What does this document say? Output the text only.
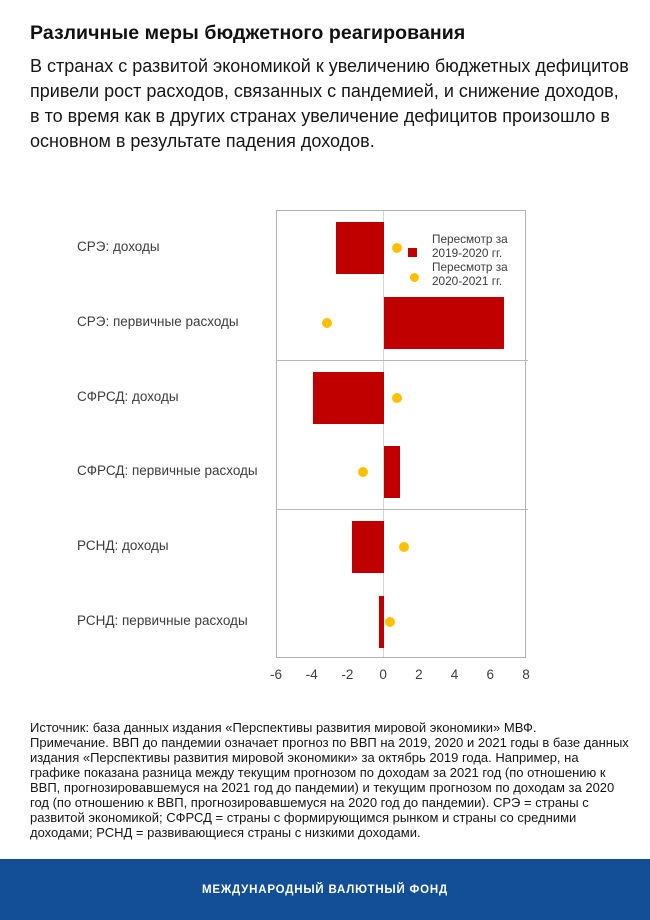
Различные меры бюджетного реагирования

В странах с развитой экономикой к увеличению бюджетных дефицитов привели рост расходов, связанных с пандемией, и снижение доходов, в то время как в других странах увеличение дефицитов произошло в основном в результате падения доходов.

СРЭ: доходы
СРЭ: первичные расходы
СФРСД: доходы
СФРСД: первичные расходы
РСНД: доходы
РСНД: первичные расходы
-6 -4 -2 0 2 4 6 8
Пересмотр за
2019-2020 гг.
Пересмотр за
2020-2021 гг.

Источник: база данных издания «Перспективы развития мировой экономики» МВФ.

Примечание. ВВП до пандемии означает прогноз по ВВП на 2019, 2020 и 2021 годы в базе данных издания «Перспективы развития мировой экономики» за октябрь 2019 года. Например, на графике показана разница между текущим прогнозом по доходам за 2021 год (по отношению к ВВП, прогнозировавшемуся на 2021 год до пандемии) и текущим прогнозом по доходам за 2020 год (по отношению к ВВП, прогнозировавшемуся на 2020 год до пандемии). СРЭ = страны с развитой экономикой; СФРСД = страны с формирующимся рынком и страны со средними доходами; РСНД = развивающиеся страны с низкими доходами.

МЕЖДУНАРОДНЫЙ ВАЛЮТНЫЙ ФОНД
